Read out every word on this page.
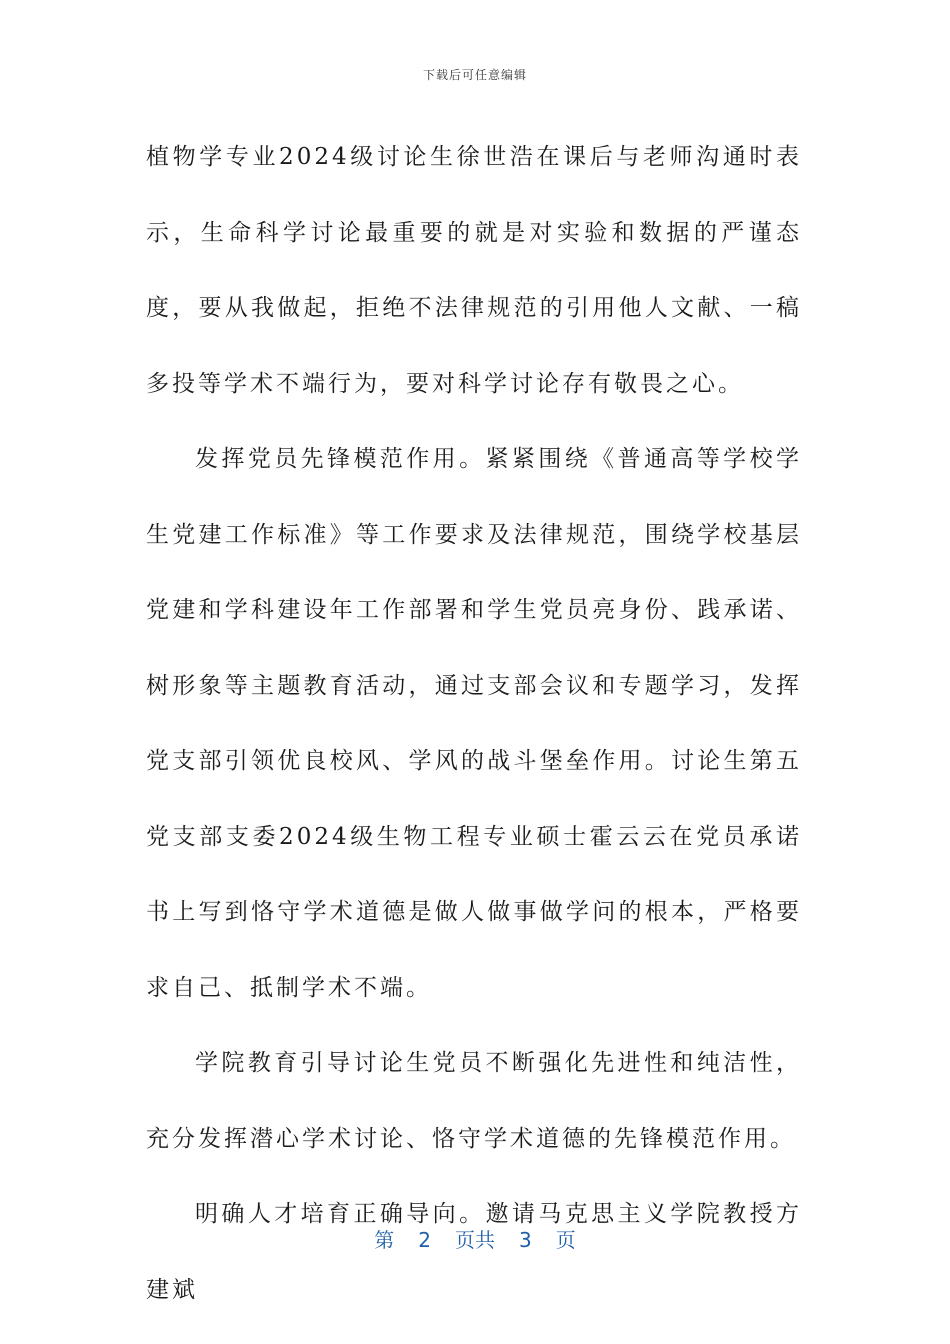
下载后可任意编辑

植物学专业2024级讨论生徐世浩在课后与老师沟通时表示，生命科学讨论最重要的就是对实验和数据的严谨态度，要从我做起，拒绝不法律规范的引用他人文献、一稿多投等学术不端行为，要对科学讨论存有敬畏之心。

发挥党员先锋模范作用。紧紧围绕《普通高等学校学生党建工作标准》等工作要求及法律规范，围绕学校基层党建和学科建设年工作部署和学生党员亮身份、践承诺、树形象等主题教育活动，通过支部会议和专题学习，发挥党支部引领优良校风、学风的战斗堡垒作用。讨论生第五党支部支委2024级生物工程专业硕士霍云云在党员承诺书上写到恪守学术道德是做人做事做学问的根本，严格要求自己、抵制学术不端。

学院教育引导讨论生党员不断强化先进性和纯洁性，充分发挥潜心学术讨论、恪守学术道德的先锋模范作用。

明确人才培育正确导向。邀请马克思主义学院教授方建斌

第 2 页共 3 页
